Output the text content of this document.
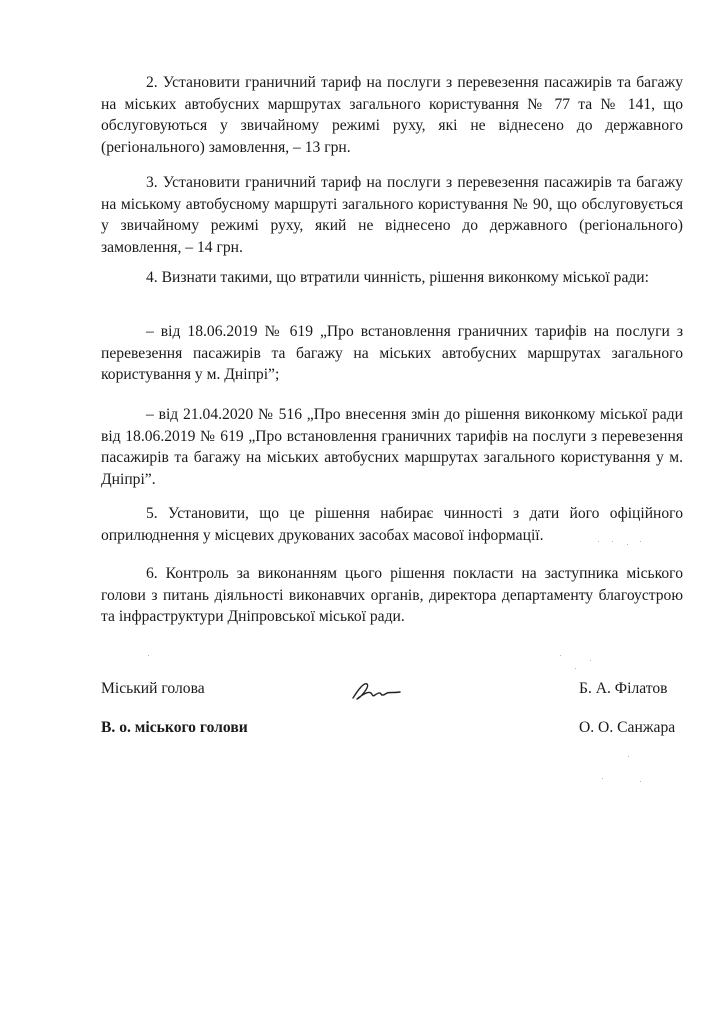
2. Установити граничний тариф на послуги з перевезення пасажирів та багажу на міських автобусних маршрутах загального користування № 77 та № 141, що обслуговуються у звичайному режимі руху, які не віднесено до державного (регіонального) замовлення, – 13 грн.

3. Установити граничний тариф на послуги з перевезення пасажирів та багажу на міському автобусному маршруті загального користування № 90, що обслуговується у звичайному режимі руху, який не віднесено до державного (регіонального) замовлення, – 14 грн.

4. Визнати такими, що втратили чинність, рішення виконкому міської ради:

– від 18.06.2019 № 619 „Про встановлення граничних тарифів на послуги з перевезення пасажирів та багажу на міських автобусних маршрутах загального користування у м. Дніпрі”;

– від 21.04.2020 № 516 „Про внесення змін до рішення виконкому міської ради від 18.06.2019 № 619 „Про встановлення граничних тарифів на послуги з перевезення пасажирів та багажу на міських автобусних маршрутах загального користування у м. Дніпрі”.

5. Установити, що це рішення набирає чинності з дати його офіційного оприлюднення у місцевих друкованих засобах масової інформації.

6. Контроль за виконанням цього рішення покласти на заступника міського голови з питань діяльності виконавчих органів, директора департаменту благоустрою та інфраструктури Дніпровської міської ради.

Міський голова	Б. А. Філатов
В. о. міського голови	О. О. Санжара
